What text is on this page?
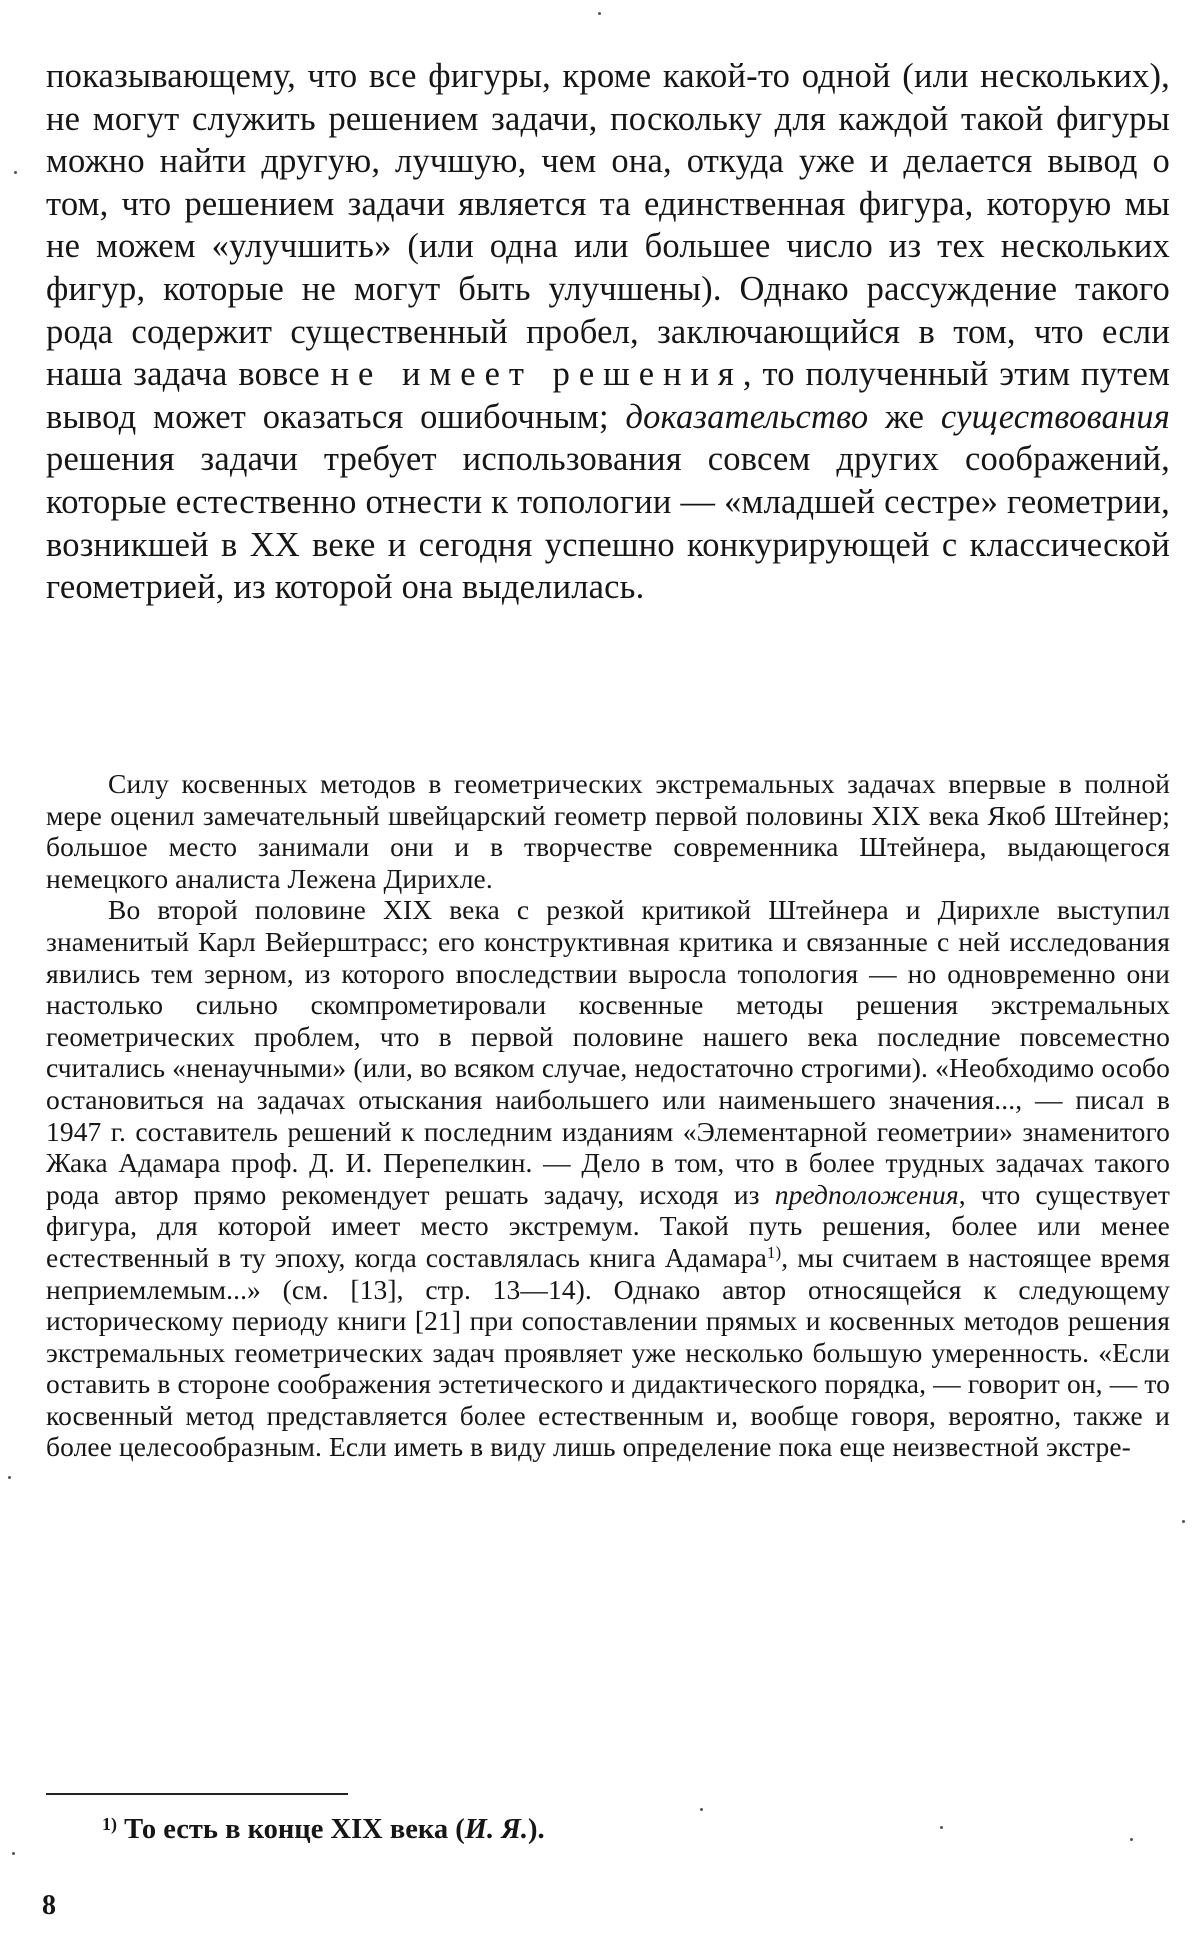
показывающему, что все фигуры, кроме какой-то одной (или нескольких), не могут служить решением задачи, поскольку для каждой такой фигуры можно найти другую, лучшую, чем она, откуда уже и делается вывод о том, что решением задачи является та единственная фигура, которую мы не можем «улучшить» (или одна или большее число из тех нескольких фигур, которые не могут быть улучшены). Однако рассуждение такого рода содержит существенный пробел, заключающийся в том, что если наша задача вовсе не имеет решения, то полученный этим путем вывод может оказаться ошибочным; доказательство же существования решения задачи требует использования совсем других соображений, которые естественно отнести к топологии — «младшей сестре» геометрии, возникшей в XX веке и сегодня успешно конкурирующей с классической геометрией, из которой она выделилась.

Силу косвенных методов в геометрических экстремальных задачах впервые в полной мере оценил замечательный швейцарский геометр первой половины XIX века Якоб Штейнер; большое место занимали они и в творчестве современника Штейнера, выдающегося немецкого аналиста Лежена Дирихле.

Во второй половине XIX века с резкой критикой Штейнера и Дирихле выступил знаменитый Карл Вейерштрасс; его конструктивная критика и связанные с ней исследования явились тем зерном, из которого впоследствии выросла топология — но одновременно они настолько сильно скомпрометировали косвенные методы решения экстремальных геометрических проблем, что в первой половине нашего века последние повсеместно считались «ненаучными» (или, во всяком случае, недостаточно строгими). «Необходимо особо остановиться на задачах отыскания наибольшего или наименьшего значения..., — писал в 1947 г. составитель решений к последним изданиям «Элементарной геометрии» знаменитого Жака Адамара проф. Д. И. Перепелкин. — Дело в том, что в более трудных задачах такого рода автор прямо рекомендует решать задачу, исходя из предположения, что существует фигура, для которой имеет место экстремум. Такой путь решения, более или менее естественный в ту эпоху, когда составлялась книга Адамара$^{1)}$, мы считаем в настоящее время неприемлемым...» (см. [13], стр. 13—14). Однако автор относящейся к следующему историческому периоду книги [21] при сопоставлении прямых и косвенных методов решения экстремальных геометрических задач проявляет уже несколько большую умеренность. «Если оставить в стороне соображения эстетического и дидактического порядка, — говорит он, — то косвенный метод представляется более естественным и, вообще говоря, вероятно, также и более целесообразным. Если иметь в виду лишь определение пока еще неизвестной экстре-

$^{1)}$ То есть в конце XIX века (И. Я.).
8
